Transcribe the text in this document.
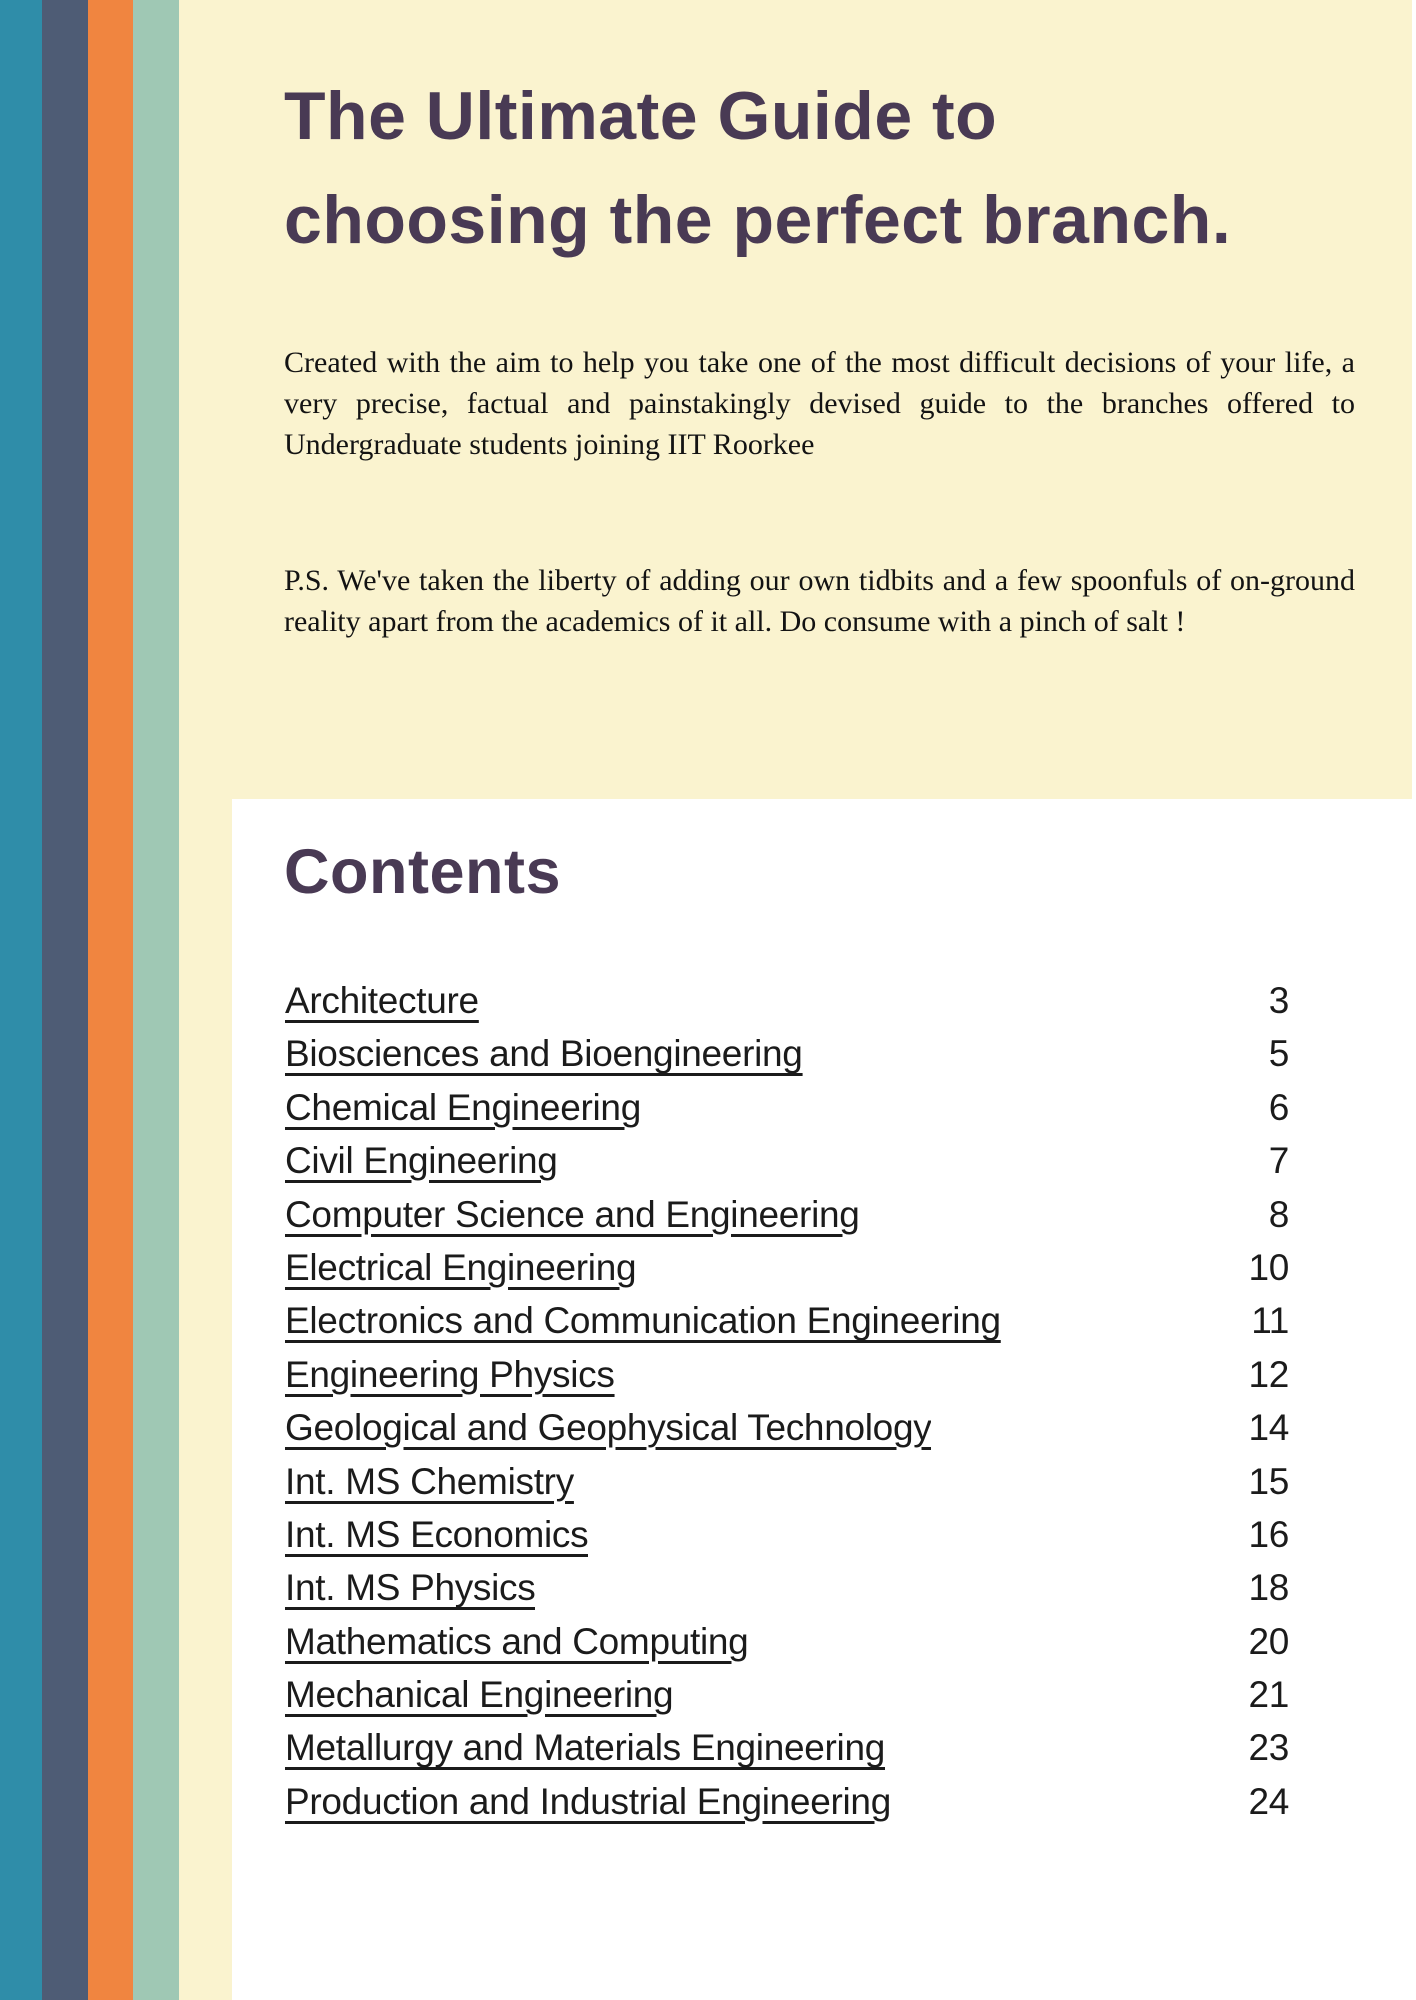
The Ultimate Guide to
choosing the perfect branch.
Created with the aim to help you take one of the most difficult decisions of your life, a very precise, factual and painstakingly devised guide to the branches offered to Undergraduate students joining IIT Roorkee
P.S. We've taken the liberty of adding our own tidbits and a few spoonfuls of on-ground reality apart from the academics of it all. Do consume with a pinch of salt !
Contents
Architecture	3
Biosciences and Bioengineering	5
Chemical Engineering	6
Civil Engineering	7
Computer Science and Engineering	8
Electrical Engineering	10
Electronics and Communication Engineering	11
Engineering Physics	12
Geological and Geophysical Technology	14
Int. MS Chemistry	15
Int. MS Economics	16
Int. MS Physics	18
Mathematics and Computing	20
Mechanical Engineering	21
Metallurgy and Materials Engineering	23
Production and Industrial Engineering	24
